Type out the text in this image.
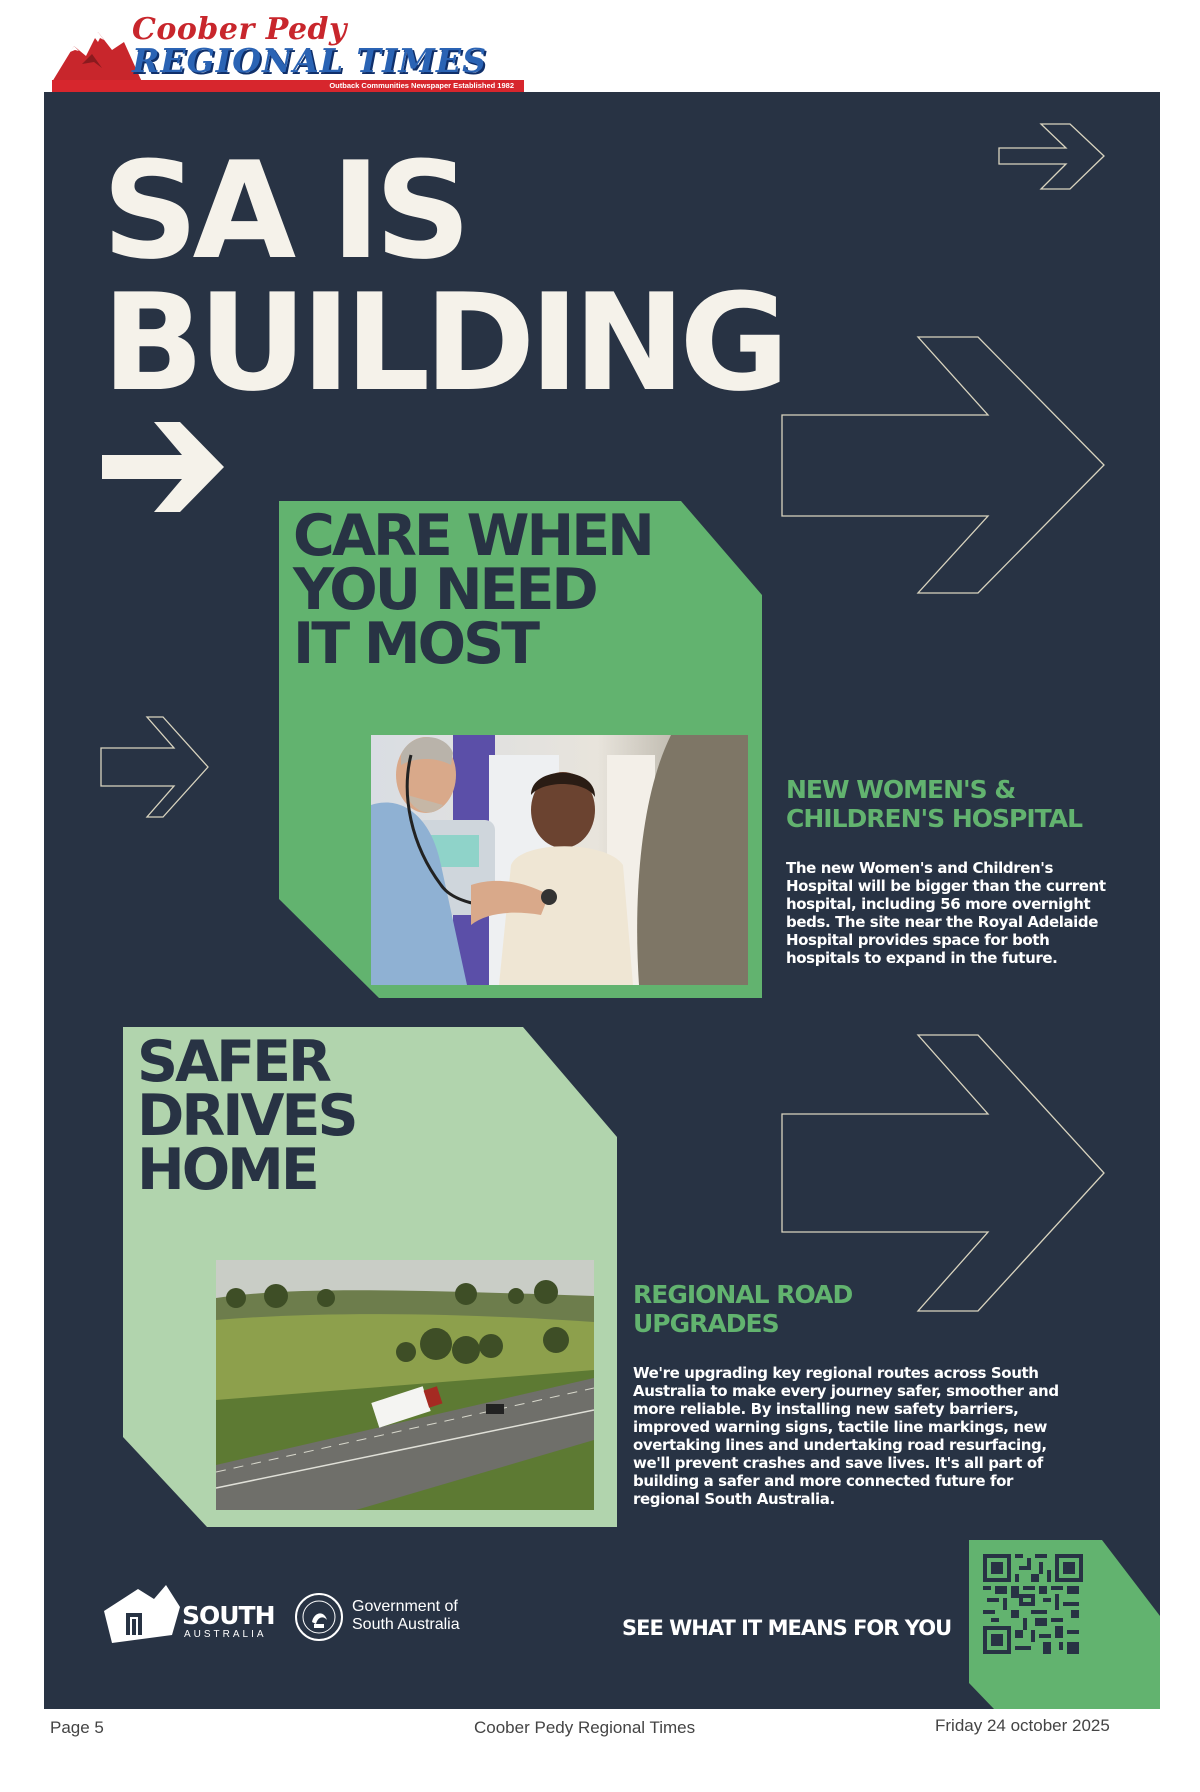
Coober Pedy
REGIONAL TIMES
Outback Communities Newspaper Established 1982
SA IS
BUILDING
CARE WHEN
YOU NEED
IT MOST
NEW WOMEN'S &
CHILDREN'S HOSPITAL

The new Women's and Children's Hospital will be bigger than the current hospital, including 56 more overnight beds. The site near the Royal Adelaide Hospital provides space for both hospitals to expand in the future.

SAFER
DRIVES
HOME
REGIONAL ROAD
UPGRADES

We're upgrading key regional routes across South Australia to make every journey safer, smoother and more reliable. By installing new safety barriers, improved warning signs, tactile line markings, new overtaking lines and undertaking road resurfacing, we'll prevent crashes and save lives. It's all part of building a safer and more connected future for regional South Australia.

SOUTH
AUSTRALIA
Government of
South Australia	SEE WHAT IT MEANS FOR YOU
Page 5	Coober Pedy Regional Times	Friday 24 october 2025
